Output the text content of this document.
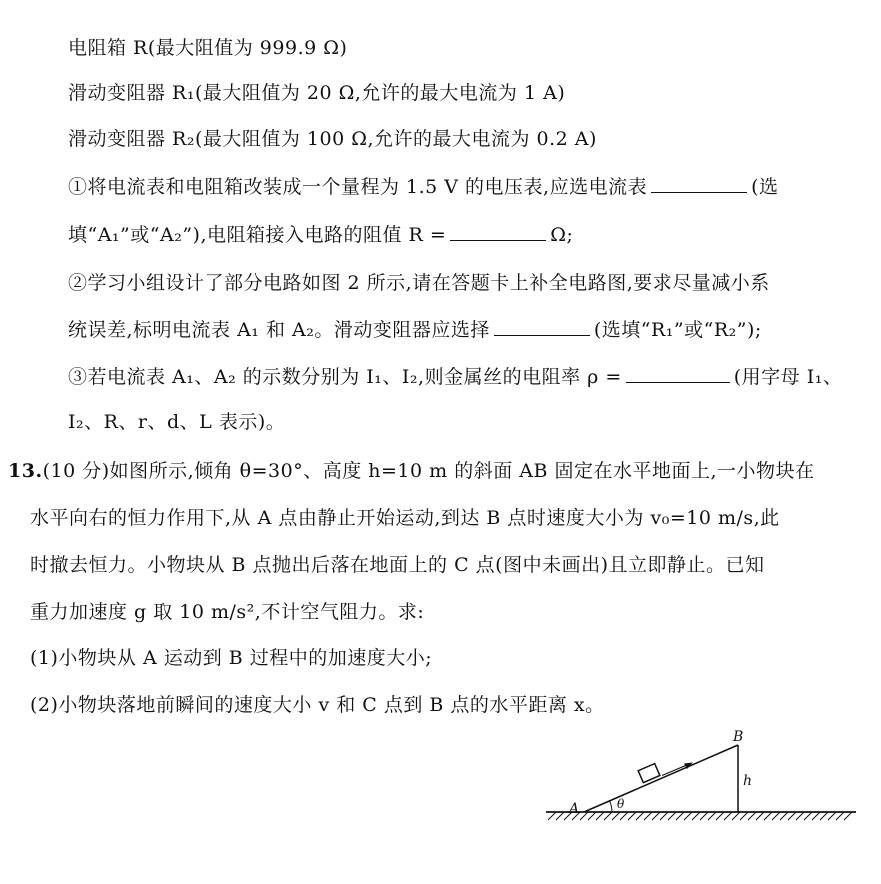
电阻箱 R(最大阻值为 999.9 Ω)
滑动变阻器 R₁(最大阻值为 20 Ω,允许的最大电流为 1 A)
滑动变阻器 R₂(最大阻值为 100 Ω,允许的最大电流为 0.2 A)
①将电流表和电阻箱改装成一个量程为 1.5 V 的电压表,应选电流表	(选
填“A₁”或“A₂”),电阻箱接入电路的阻值 R =	Ω;
②学习小组设计了部分电路如图 2 所示,请在答题卡上补全电路图,要求尽量减小系
统误差,标明电流表 A₁ 和 A₂。滑动变阻器应选择	(选填“R₁”或“R₂”);
③若电流表 A₁、A₂ 的示数分别为 I₁、I₂,则金属丝的电阻率 ρ =	(用字母 I₁、
I₂、R、r、d、L 表示)。
13.(10 分)如图所示,倾角 θ=30°、高度 h=10 m 的斜面 AB 固定在水平地面上,一小物块在
水平向右的恒力作用下,从 A 点由静止开始运动,到达 B 点时速度大小为 v₀=10 m/s,此
时撤去恒力。小物块从 B 点抛出后落在地面上的 C 点(图中未画出)且立即静止。已知
重力加速度 g 取 10 m/s²,不计空气阻力。求:
(1)小物块从 A 运动到 B 过程中的加速度大小;
(2)小物块落地前瞬间的速度大小 v 和 C 点到 B 点的水平距离 x。
A
B
h
θ
